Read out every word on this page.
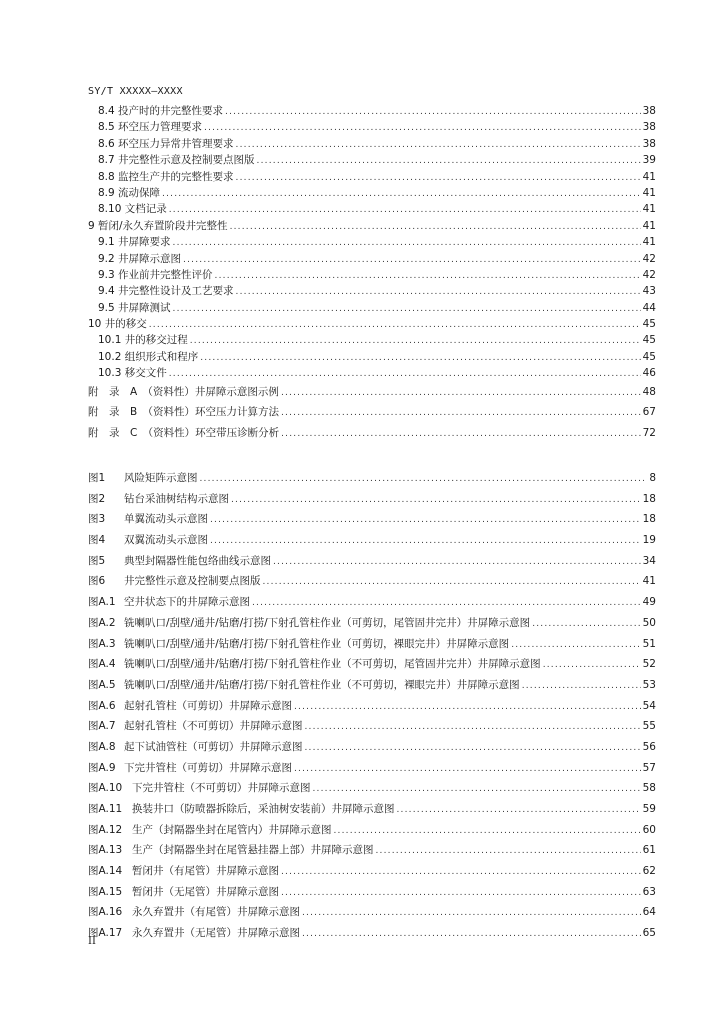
SY/T XXXXX—XXXX
8.4 投产时的井完整性要求 .....	38
8.5 环空压力管理要求 .....	38
8.6 环空压力异常井管理要求 .....	38
8.7 井完整性示意及控制要点图版 .....	39
8.8 监控生产井的完整性要求 .....	41
8.9 流动保障 .....	41
8.10 文档记录 .....	41
9 暂闭/永久弃置阶段井完整性 .....	41
9.1 井屏障要求 .....	41
9.2 井屏障示意图 .....	42
9.3 作业前井完整性评价 .....	42
9.4 井完整性设计及工艺要求 .....	43
9.5 井屏障测试 .....	44
10 井的移交 .....	45
10.1 井的移交过程 .....	45
10.2 组织形式和程序 .....	45
10.3 移交文件 .....	46
附　录　A　（资料性）井屏障示意图示例 .....	48
附　录　B　（资料性）环空压力计算方法 .....	67
附　录　C　（资料性）环空带压诊断分析 .....	72
图1	风险矩阵示意图 .....	8
图2	钻台采油树结构示意图 .....	18
图3	单翼流动头示意图 .....	18
图4	双翼流动头示意图 .....	19
图5	典型封隔器性能包络曲线示意图 .....	34
图6	井完整性示意及控制要点图版 .....	41
图A.1 空井状态下的井屏障示意图 .....	49
图A.2 铣喇叭口/刮壁/通井/钻磨/打捞/下射孔管柱作业（可剪切，尾管固井完井）井屏障示意图 .....	50
图A.3 铣喇叭口/刮壁/通井/钻磨/打捞/下射孔管柱作业（可剪切，裸眼完井）井屏障示意图 .....	51
图A.4 铣喇叭口/刮壁/通井/钻磨/打捞/下射孔管柱作业（不可剪切，尾管固井完井）井屏障示意图 .....	52
图A.5 铣喇叭口/刮壁/通井/钻磨/打捞/下射孔管柱作业（不可剪切，裸眼完井）井屏障示意图 .....	53
图A.6 起射孔管柱（可剪切）井屏障示意图 .....	54
图A.7 起射孔管柱（不可剪切）井屏障示意图 .....	55
图A.8 起下试油管柱（可剪切）井屏障示意图 .....	56
图A.9 下完井管柱（可剪切）井屏障示意图 .....	57
图A.10 下完井管柱（不可剪切）井屏障示意图 .....	58
图A.11 换装井口（防喷器拆除后，采油树安装前）井屏障示意图 .....	59
图A.12 生产（封隔器坐封在尾管内）井屏障示意图 .....	60
图A.13 生产（封隔器坐封在尾管悬挂器上部）井屏障示意图 .....	61
图A.14 暂闭井（有尾管）井屏障示意图 .....	62
图A.15 暂闭井（无尾管）井屏障示意图 .....	63
图A.16 永久弃置井（有尾管）井屏障示意图 .....	64
图A.17 永久弃置井（无尾管）井屏障示意图 .....	65
II
